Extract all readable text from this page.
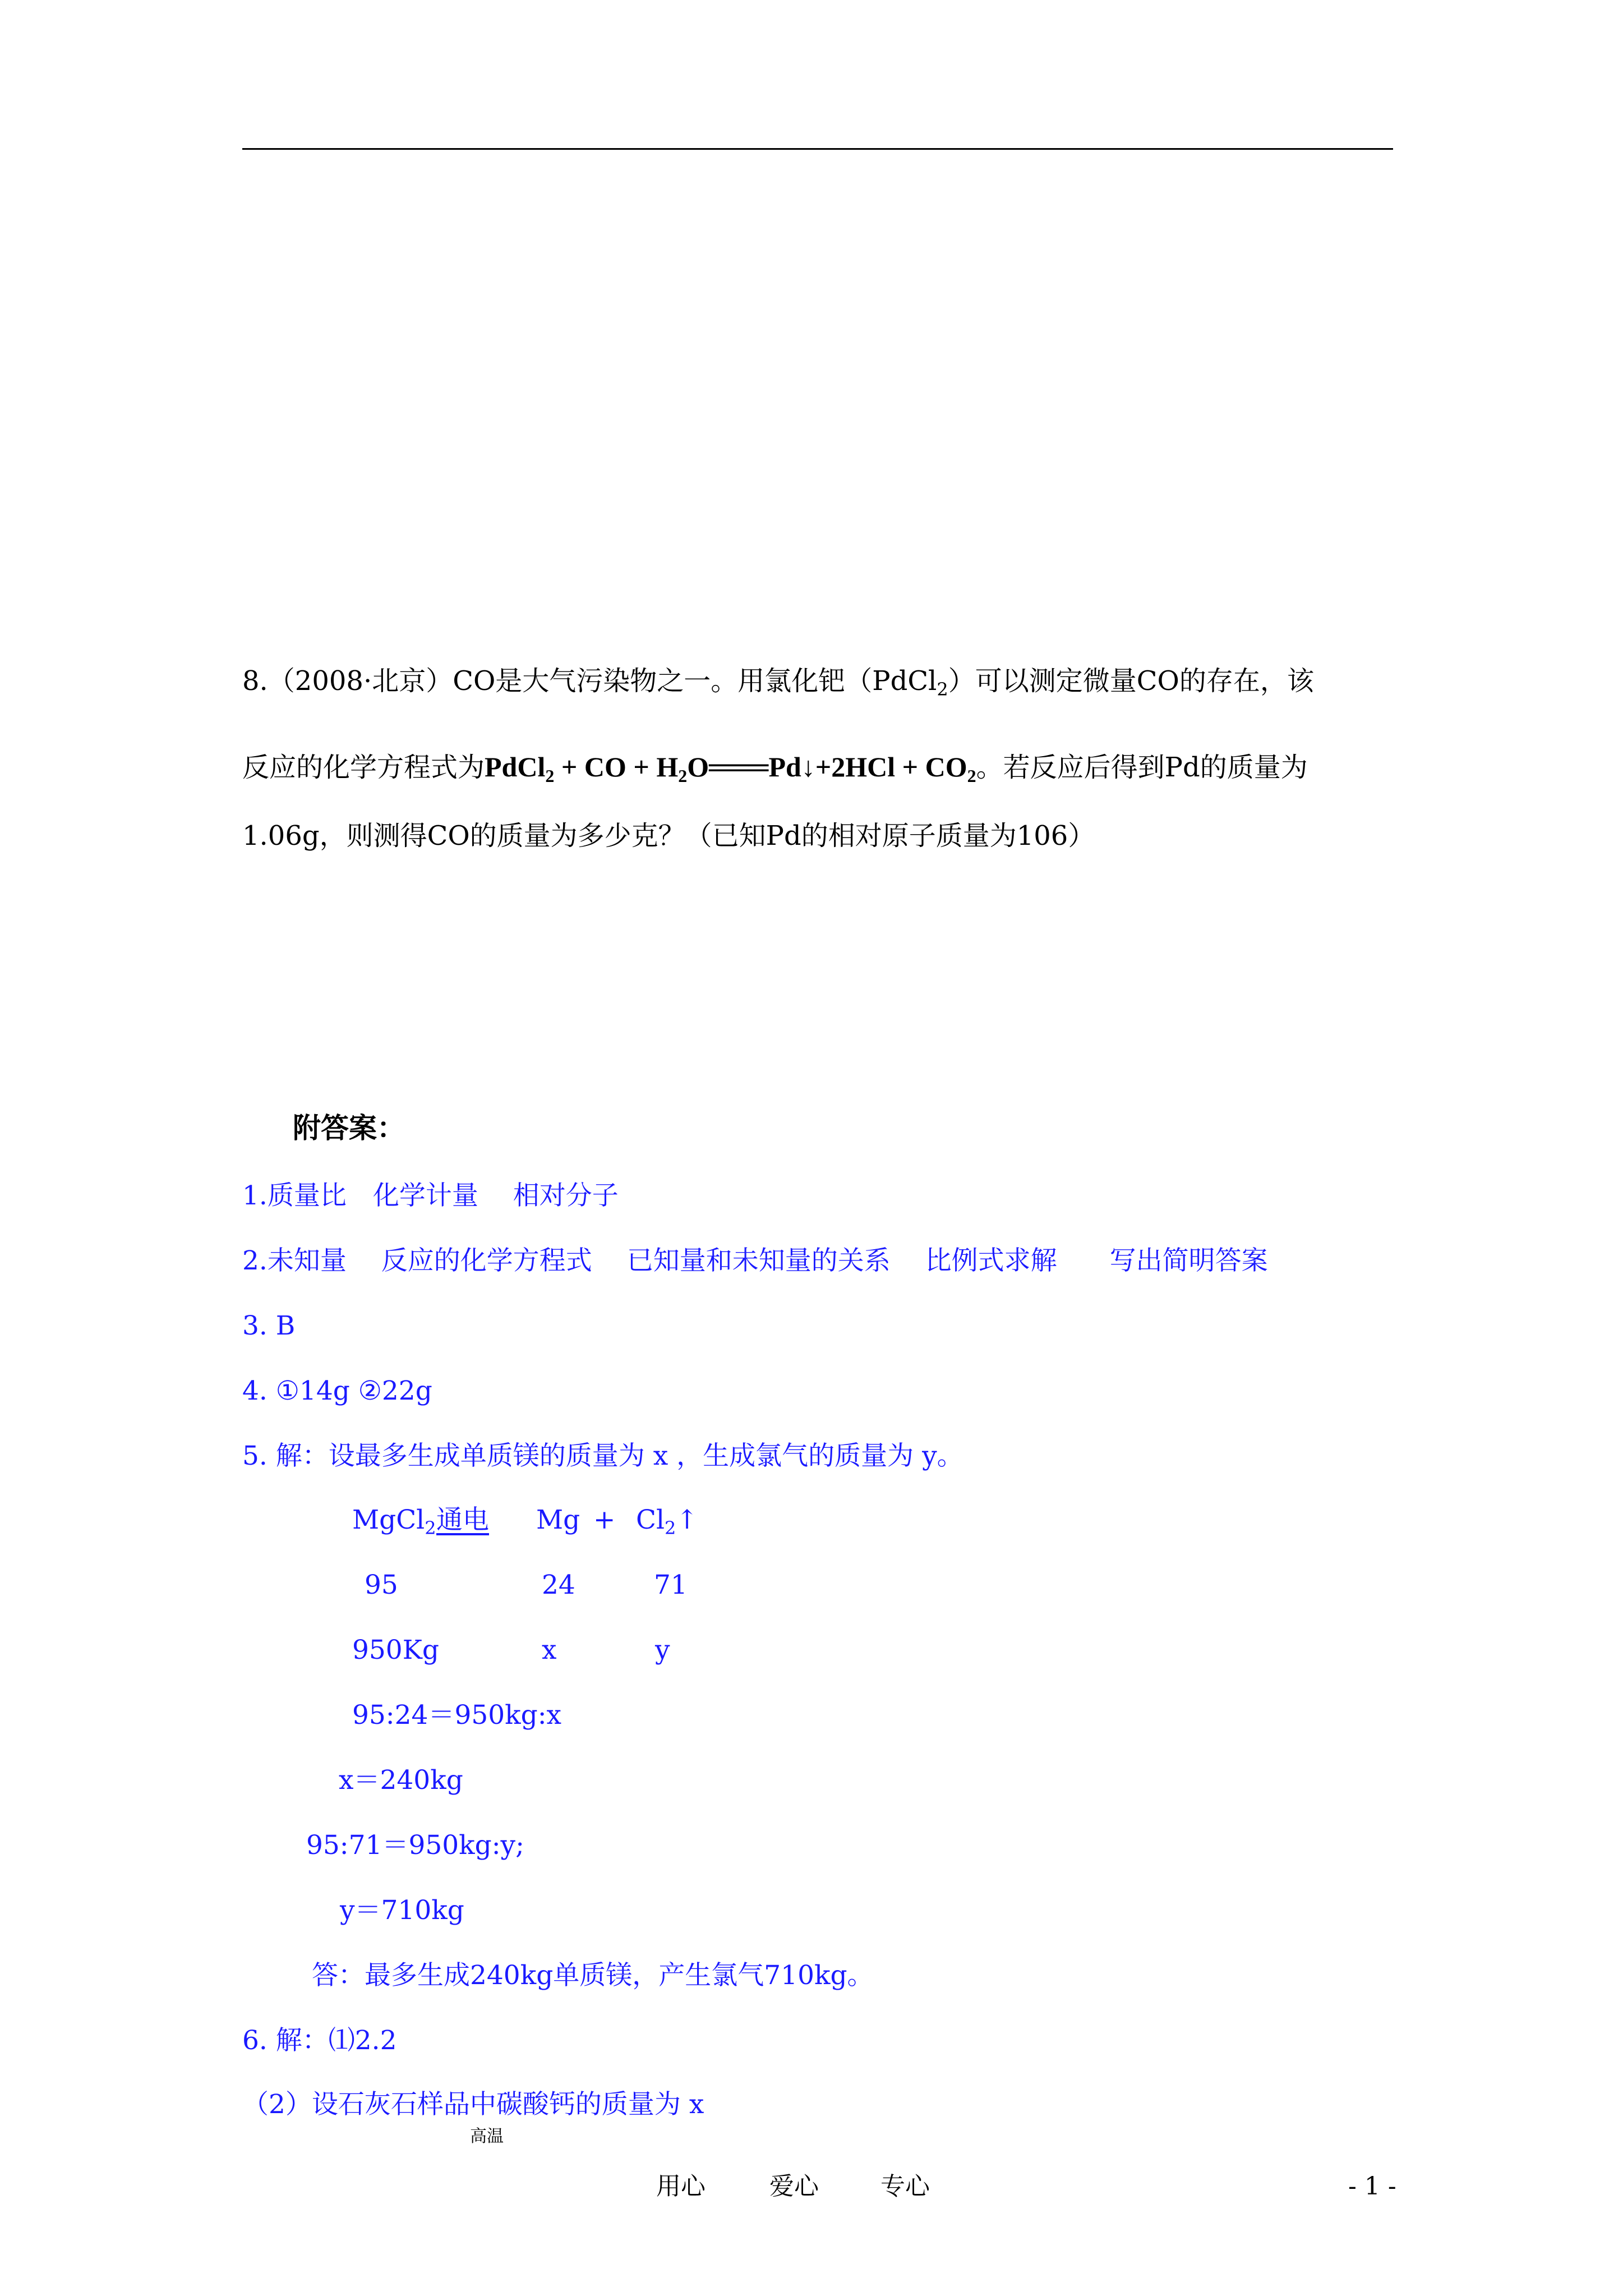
8.（2008·北京）CO是大气污染物之一。用氯化钯（PdCl$_2$）可以测定微量CO的存在，该
反应的化学方程式为PdCl$_2$ + CO + $H_2O═══Pd↓+2HCl + CO_2$。若反应后得到Pd的质量为
1.06g，则测得CO的质量为多少克？（已知Pd的相对原子质量为106）
附答案：
1.质量比　化学计量　 相对分子
2.未知量　 反应的化学方程式　 已知量和未知量的关系　 比例式求解　　写出简明答案
3. B
4. ①14g ②22g
5. 解：设最多生成单质镁的质量为 x ，生成氯气的质量为 y。
MgCl$_2$ 通电 $Mg + Cl_2↑$
95	24	71
950Kg	x	y
95:24＝950kg:x
x＝240kg
95:71＝950kg:y;
y＝710kg
答：最多生成240kg单质镁，产生氯气710kg。
6. 解：⑴2.2
（2）设石灰石样品中碳酸钙的质量为 x
高温
用心	爱心	专心	- 1 -
